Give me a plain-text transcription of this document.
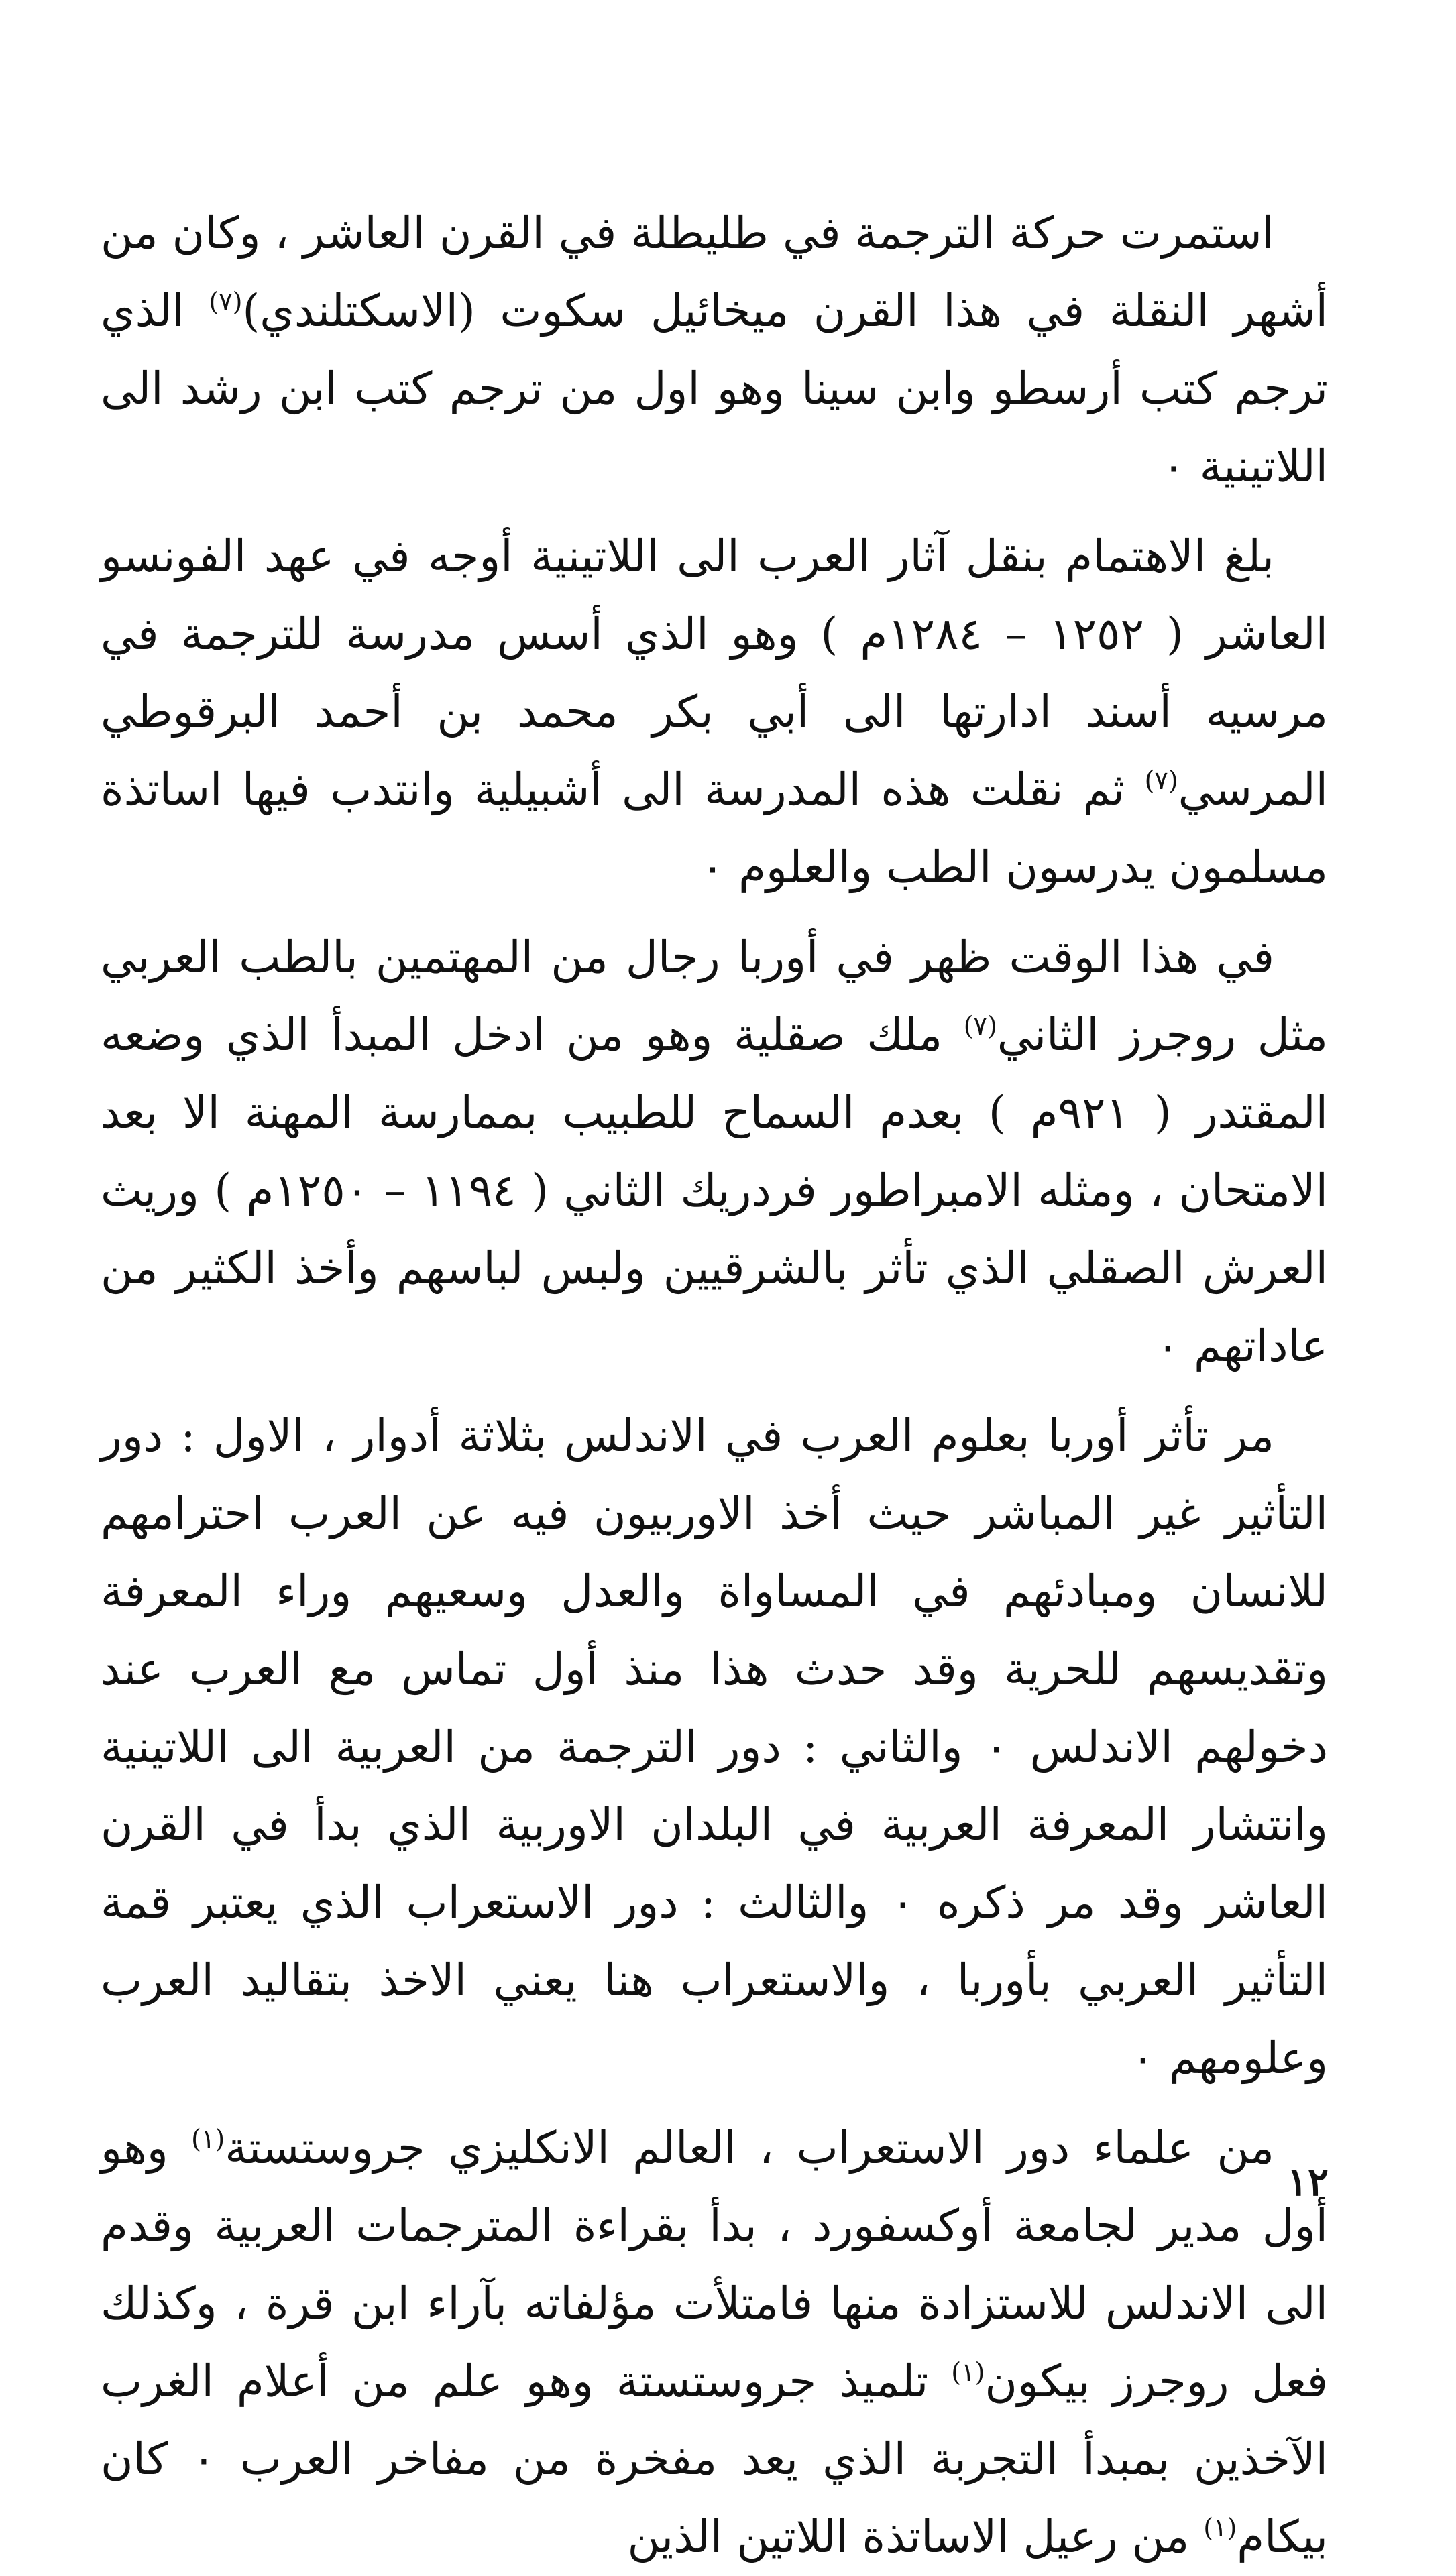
استمرت حركة الترجمة في طليطلة في القرن العاشر ، وكان من أشهر النقلة في هذا القرن ميخائيل سكوت (الاسكتلندي)$^{(٧)}$ الذي ترجم كتب أرسطو وابن سينا وهو اول من ترجم كتب ابن رشد الى اللاتينية ٠

بلغ الاهتمام بنقل آثار العرب الى اللاتينية أوجه في عهد الفونسو العاشر ( ١٢٥٢ – ١٢٨٤م ) وهو الذي أسس مدرسة للترجمة في مرسيه أسند ادارتها الى أبي بكر محمد بن أحمد البرقوطي المرسي$^{(٧)}$ ثم نقلت هذه المدرسة الى أشبيلية وانتدب فيها اساتذة مسلمون يدرسون الطب والعلوم ٠

في هذا الوقت ظهر في أوربا رجال من المهتمين بالطب العربي مثل روجرز الثاني$^{(٧)}$ ملك صقلية وهو من ادخل المبدأ الذي وضعه المقتدر ( ٩٢١م ) بعدم السماح للطبيب بممارسة المهنة الا بعد الامتحان ، ومثله الامبراطور فردريك الثاني ( ١١٩٤ – ١٢٥٠م ) وريث العرش الصقلي الذي تأثر بالشرقيين ولبس لباسهم وأخذ الكثير من عاداتهم ٠

مر تأثر أوربا بعلوم العرب في الاندلس بثلاثة أدوار ، الاول : دور التأثير غير المباشر حيث أخذ الاوربيون فيه عن العرب احترامهم للانسان ومبادئهم في المساواة والعدل وسعيهم وراء المعرفة وتقديسهم للحرية وقد حدث هذا منذ أول تماس مع العرب عند دخولهم الاندلس ٠ والثاني : دور الترجمة من العربية الى اللاتينية وانتشار المعرفة العربية في البلدان الاوربية الذي بدأ في القرن العاشر وقد مر ذكره ٠ والثالث : دور الاستعراب الذي يعتبر قمة التأثير العربي بأوربا ، والاستعراب هنا يعني الاخذ بتقاليد العرب وعلومهم ٠

من علماء دور الاستعراب ، العالم الانكليزي جروستستة$^{(١)}$ وهو أول مدير لجامعة أوكسفورد ، بدأ بقراءة المترجمات العربية وقدم الى الاندلس للاستزادة منها فامتلأت مؤلفاته بآراء ابن قرة ، وكذلك فعل روجرز بيكون$^{(١)}$ تلميذ جروستستة وهو علم من أعلام الغرب الآخذين بمبدأ التجربة الذي يعد مفخرة من مفاخر العرب ٠ كان بيكام$^{(١)}$ من رعيل الاساتذة اللاتين الذين

١٢
